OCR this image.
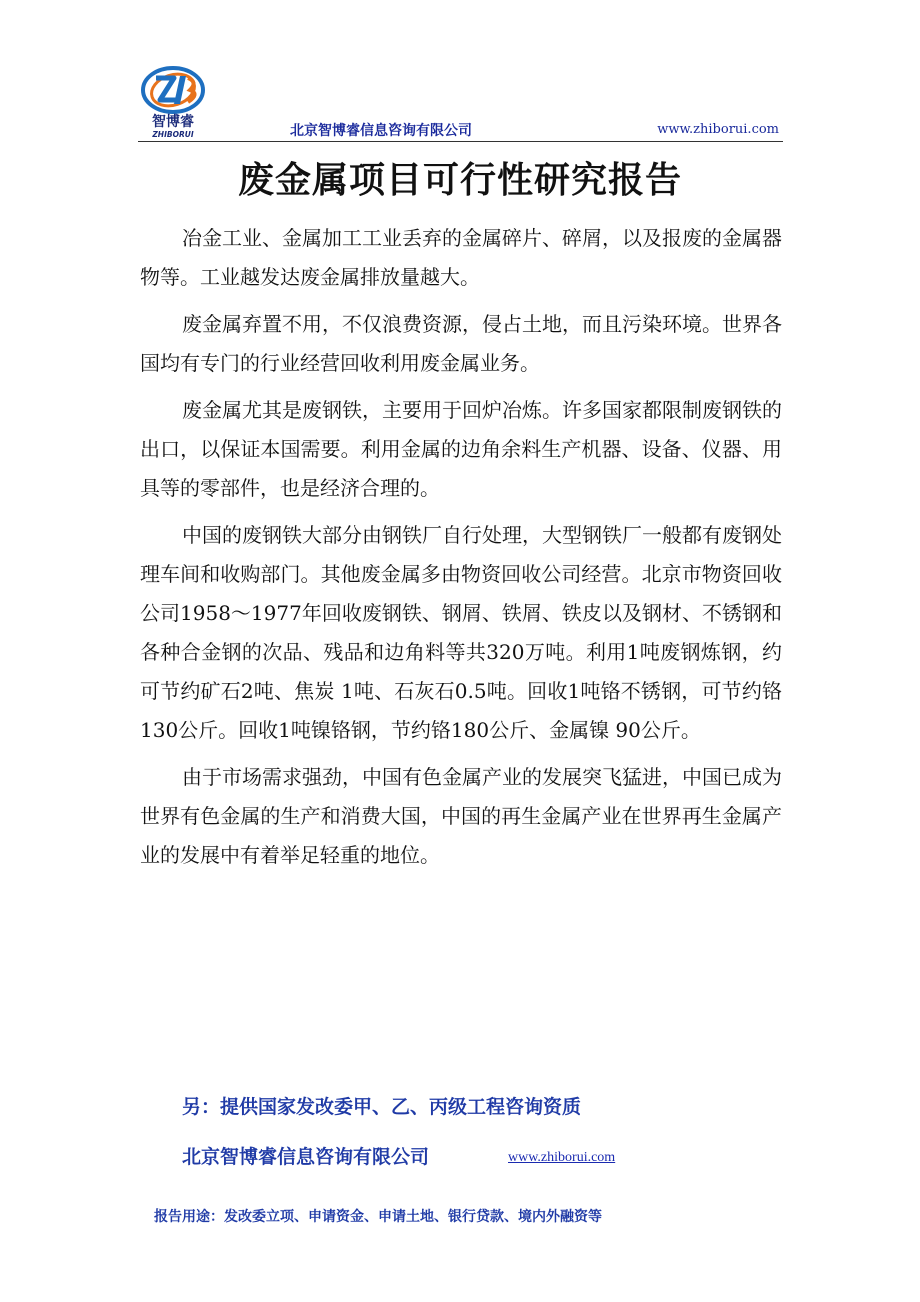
智博睿
ZHIBORUI	北京智博睿信息咨询有限公司	www.zhiborui.com
废金属项目可行性研究报告

冶金工业、金属加工工业丢弃的金属碎片、碎屑，以及报废的金属器物等。工业越发达废金属排放量越大。

废金属弃置不用，不仅浪费资源，侵占土地，而且污染环境。世界各国均有专门的行业经营回收利用废金属业务。

废金属尤其是废钢铁，主要用于回炉冶炼。许多国家都限制废钢铁的出口，以保证本国需要。利用金属的边角余料生产机器、设备、仪器、用具等的零部件，也是经济合理的。

中国的废钢铁大部分由钢铁厂自行处理，大型钢铁厂一般都有废钢处理车间和收购部门。其他废金属多由物资回收公司经营。北京市物资回收公司1958～1977年回收废钢铁、钢屑、铁屑、铁皮以及钢材、不锈钢和各种合金钢的次品、残品和边角料等共320万吨。利用1吨废钢炼钢，约可节约矿石2吨、焦炭 1吨、石灰石0.5吨。回收1吨铬不锈钢，可节约铬130公斤。回收1吨镍铬钢，节约铬180公斤、金属镍 90公斤。

由于市场需求强劲，中国有色金属产业的发展突飞猛进，中国已成为世界有色金属的生产和消费大国，中国的再生金属产业在世界再生金属产业的发展中有着举足轻重的地位。

另：提供国家发改委甲、乙、丙级工程咨询资质
北京智博睿信息咨询有限公司	www.zhiborui.com
报告用途：发改委立项、申请资金、申请土地、银行贷款、境内外融资等
